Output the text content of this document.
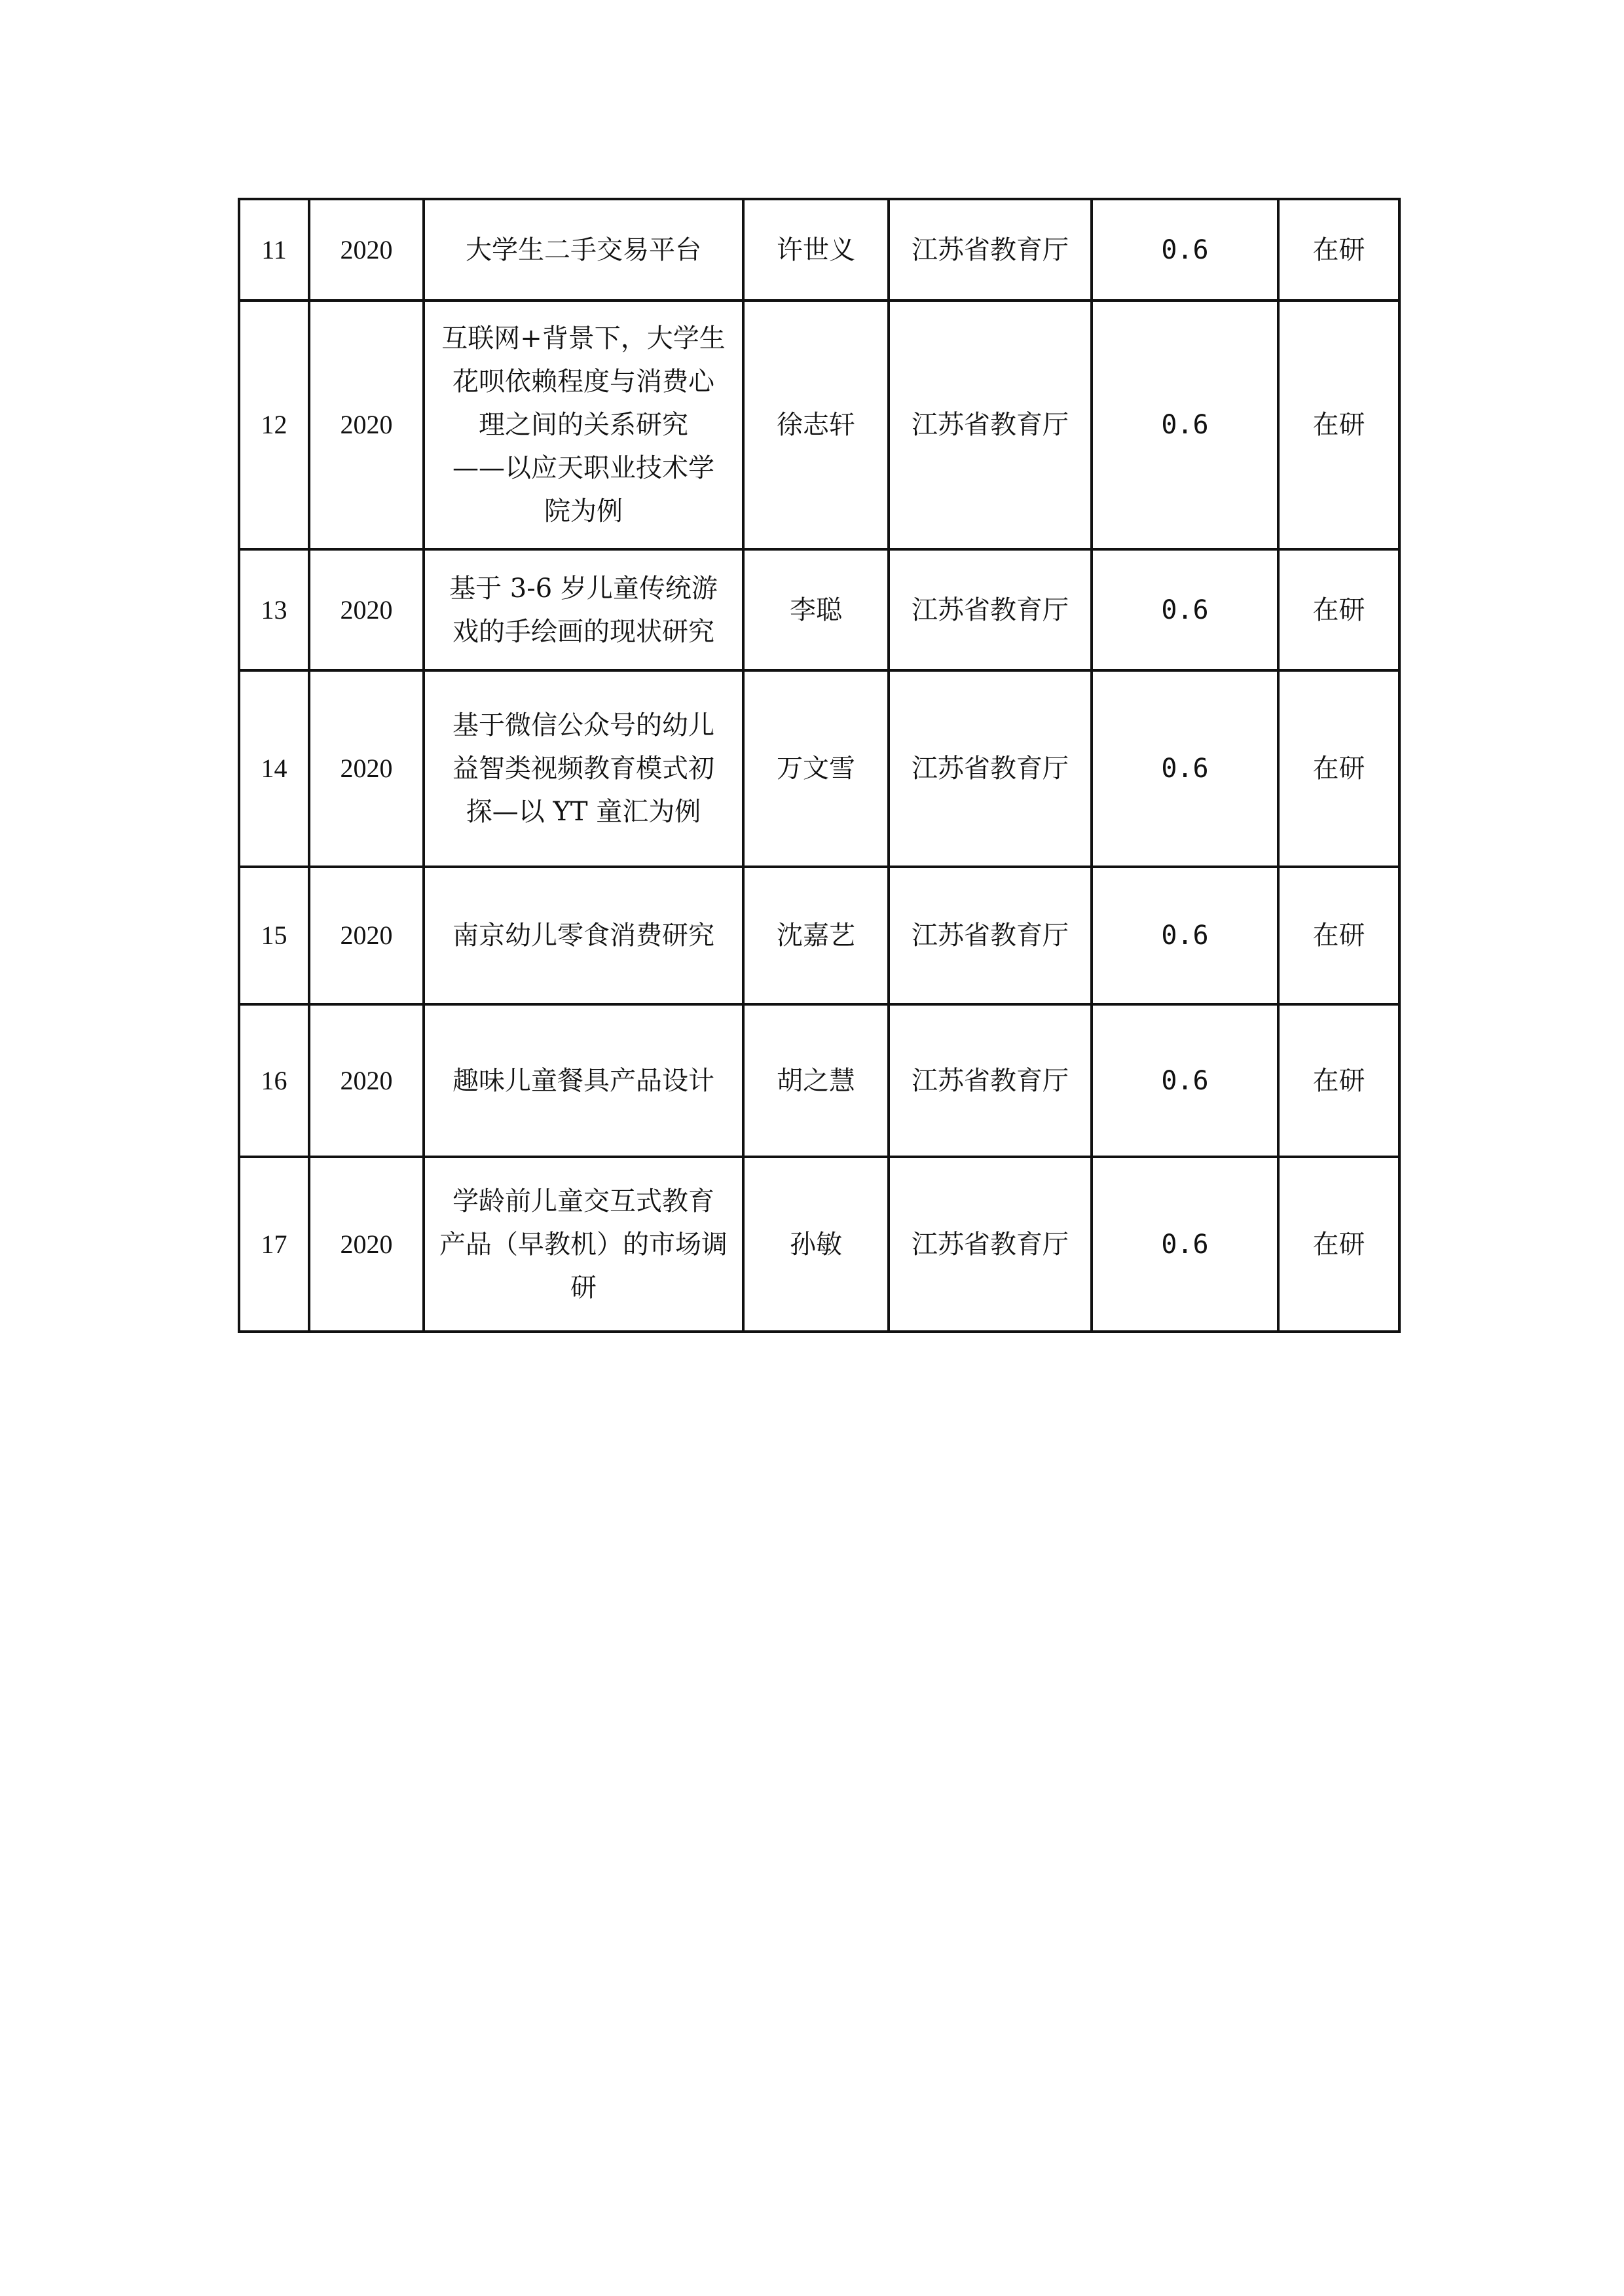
11	2020	大学生二手交易平台	许世义	江苏省教育厅	0.6	在研
12	2020	互联网+背景下，大学生
花呗依赖程度与消费心
理之间的关系研究
——以应天职业技术学
院为例	徐志轩	江苏省教育厅	0.6	在研
13	2020	基于 3-6 岁儿童传统游
戏的手绘画的现状研究	李聪	江苏省教育厅	0.6	在研
14	2020	基于微信公众号的幼儿
益智类视频教育模式初
探—以 YT 童汇为例	万文雪	江苏省教育厅	0.6	在研
15	2020	南京幼儿零食消费研究	沈嘉艺	江苏省教育厅	0.6	在研
16	2020	趣味儿童餐具产品设计	胡之慧	江苏省教育厅	0.6	在研
17	2020	学龄前儿童交互式教育
产品（早教机）的市场调
研	孙敏	江苏省教育厅	0.6	在研
